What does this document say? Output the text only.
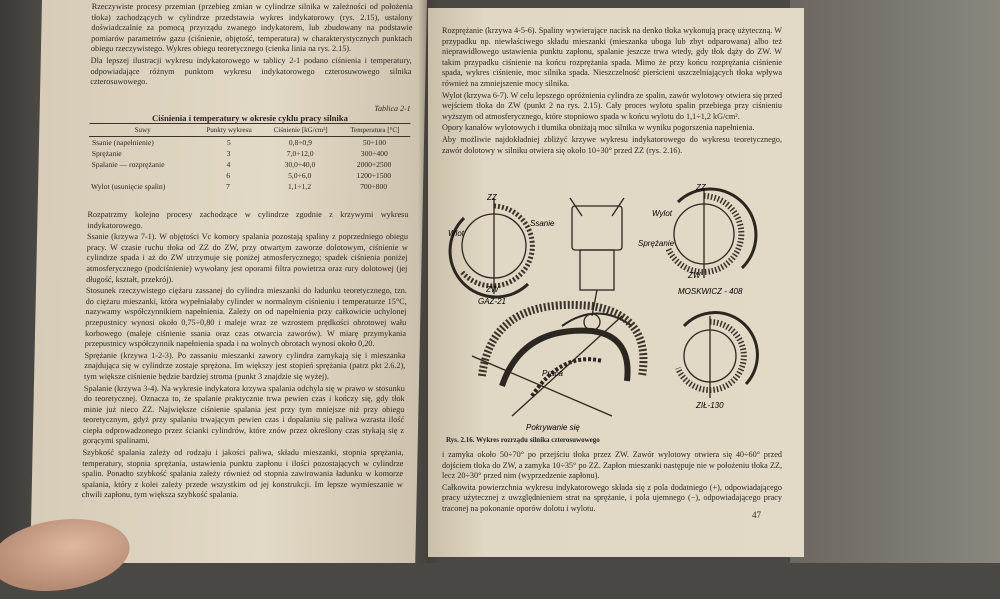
Rzeczywiste procesy przemian (przebieg zmian w cylindrze silnika w zależności od położenia tłoka) zachodzących w cylindrze przedstawia wykres indykatorowy (rys. 2.15), ustalony doświadczalnie za pomocą przyrządu zwanego indykatorem, lub zbudowany na podstawie pomiarów parametrów gazu (ciśnienie, objętość, temperatura) w charakterystycznych punktach obiegu rzeczywistego. Wykres obiegu teoretycznego (cienka linia na rys. 2.15).

Dla lepszej ilustracji wykresu indykatorowego w tablicy 2-1 podano ciśnienia i temperatury, odpowiadające różnym punktom wykresu indykatorowego czterosuwowego silnika czterosuwowego.

Tablica 2-1
Ciśnienia i temperatury w okresie cyklu pracy silnika
Suwy	Punkty wykresu	Ciśnienie [kG/cm²]	Temperatura [°C]
Ssanie (napełnienie)	5	0,8÷0,9	50÷100
Sprężanie	3	7,0÷12,0	300÷400
Spalanie — rozprężanie	4	30,0÷40,0	2000÷2500
	6	5,0÷6,0	1200÷1500
Wylot (usunięcie spalin)	7	1,1÷1,2	700÷800

Rozpatrzmy kolejno procesy zachodzące w cylindrze zgodnie z krzywymi wykresu indykatorowego.

Ssanie (krzywa 7-1). W objętości Vc komory spalania pozostają spaliny z poprzedniego obiegu pracy. W czasie ruchu tłoka od ZZ do ZW, przy otwartym zaworze dolotowym, ciśnienie w cylindrze spada i aż do ZW utrzymuje się poniżej atmosferycznego; spadek ciśnienia poniżej atmosferycznego (podciśnienie) wywołany jest oporami filtra powietrza oraz rury dolotowej (jej długość, kształt, przekrój).

Stosunek rzeczywistego ciężaru zassanej do cylindra mieszanki do ładunku teoretycznego, tzn. do ciężaru mieszanki, która wypełniałaby cylinder w normalnym ciśnieniu i temperaturze 15°C, nazywamy współczynnikiem napełnienia. Zależy on od napełnienia przy całkowicie uchylonej przepustnicy wynosi około 0,75÷0,80 i maleje wraz ze wzrostem prędkości obrotowej wału korbowego (maleje ciśnienie ssania oraz czas otwarcia zaworów). W miarę przymykania przepustnicy współczynnik napełnienia spada i na wolnych obrotach wynosi około 0,20.

Sprężanie (krzywa 1-2-3). Po zassaniu mieszanki zawory cylindra zamykają się i mieszanka znajdująca się w cylindrze zostaje sprężona. Im większy jest stopień sprężania (patrz pkt 2.6.2), tym większe ciśnienie będzie bardziej stroma (punkt 3 znajdzie się wyżej).

Spalanie (krzywa 3-4). Na wykresie indykatora krzywa spalania odchyla się w prawo w stosunku do teoretycznej. Oznacza to, że spalanie praktycznie trwa pewien czas i kończy się, gdy tłok minie już nieco ZZ. Największe ciśnienie spalania jest przy tym mniejsze niż przy obiegu teoretycznym, gdyż przy spalaniu trwającym pewien czas i dopalaniu się paliwa wzrasta ilość ciepła odprowadzonego przez ścianki cylindrów, które znów przez określony czas stykają się z gorącymi spalinami.

Szybkość spalania zależy od rodzaju i jakości paliwa, składu mieszanki, stopnia sprężania, temperatury, stopnia sprężania, ustawienia punktu zapłonu i ilości pozostających w cylindrze spalin. Ponadto szybkość spalania zależy również od stopnia zawirowania ładunku w komorze spalania, który z kolei zależy przede wszystkim od jej konstrukcji. Im lepsze wymieszanie w chwili zapłonu, tym większa szybkość spalania.

Rozprężanie (krzywa 4-5-6). Spaliny wywierające nacisk na denko tłoka wykonują pracę użyteczną. W przypadku np. niewłaściwego składu mieszanki (mieszanka uboga lub zbyt odparowana) albo też nieprawidłowego ustawienia punktu zapłonu, spalanie jeszcze trwa wtedy, gdy tłok dąży do ZW. W takim przypadku ciśnienie na końcu rozprężania spada. Mimo że przy końcu rozprężania ciśnienie spada, wykres ciśnienie, moc silnika spada. Nieszczelność pierścieni uszczelniających tłoka wpływa również na zmniejszenie mocy silnika.

Wylot (krzywa 6-7). W celu lepszego opróżnienia cylindra ze spalin, zawór wylotowy otwiera się przed wejściem tłoka do ZW (punkt 2 na rys. 2.15). Cały proces wylotu spalin przebiega przy ciśnieniu wyższym od atmosferycznego, które stopniowo spada w końcu wylotu do 1,1÷1,2 kG/cm².

Opory kanałów wylotowych i tłumika obniżają moc silnika w wyniku pogorszenia napełnienia.

Aby możliwie najdokładniej zbliżyć krzywe wykresu indykatorowego do wykresu teoretycznego, zawór dolotowy w silniku otwiera się około 10÷30° przed ZZ (rys. 2.16).

GAZ-21
MOSKWICZ - 408
ZIŁ-130
ZZ
ZW
ZZ
ZW
Wlot
Ssanie
Wylot
Sprężanie
Praca
Pokrywanie się
Rys. 2.16. Wykres rozrządu silnika czterosuwowego

i zamyka około 50÷70° po przejściu tłoka przez ZW. Zawór wylotowy otwiera się 40÷60° przed dojściem tłoka do ZW, a zamyka 10÷35° po ZZ. Zapłon mieszanki następuje nie w położeniu tłoka ZZ, lecz 20÷30° przed nim (wyprzedzenie zapłonu).

Całkowita powierzchnia wykresu indykatorowego składa się z pola dodatniego (+), odpowiadającego pracy użytecznej z uwzględnieniem strat na sprężanie, i pola ujemnego (−), odpowiadającego pracy traconej na pokonanie oporów dolotu i wylotu.

47
